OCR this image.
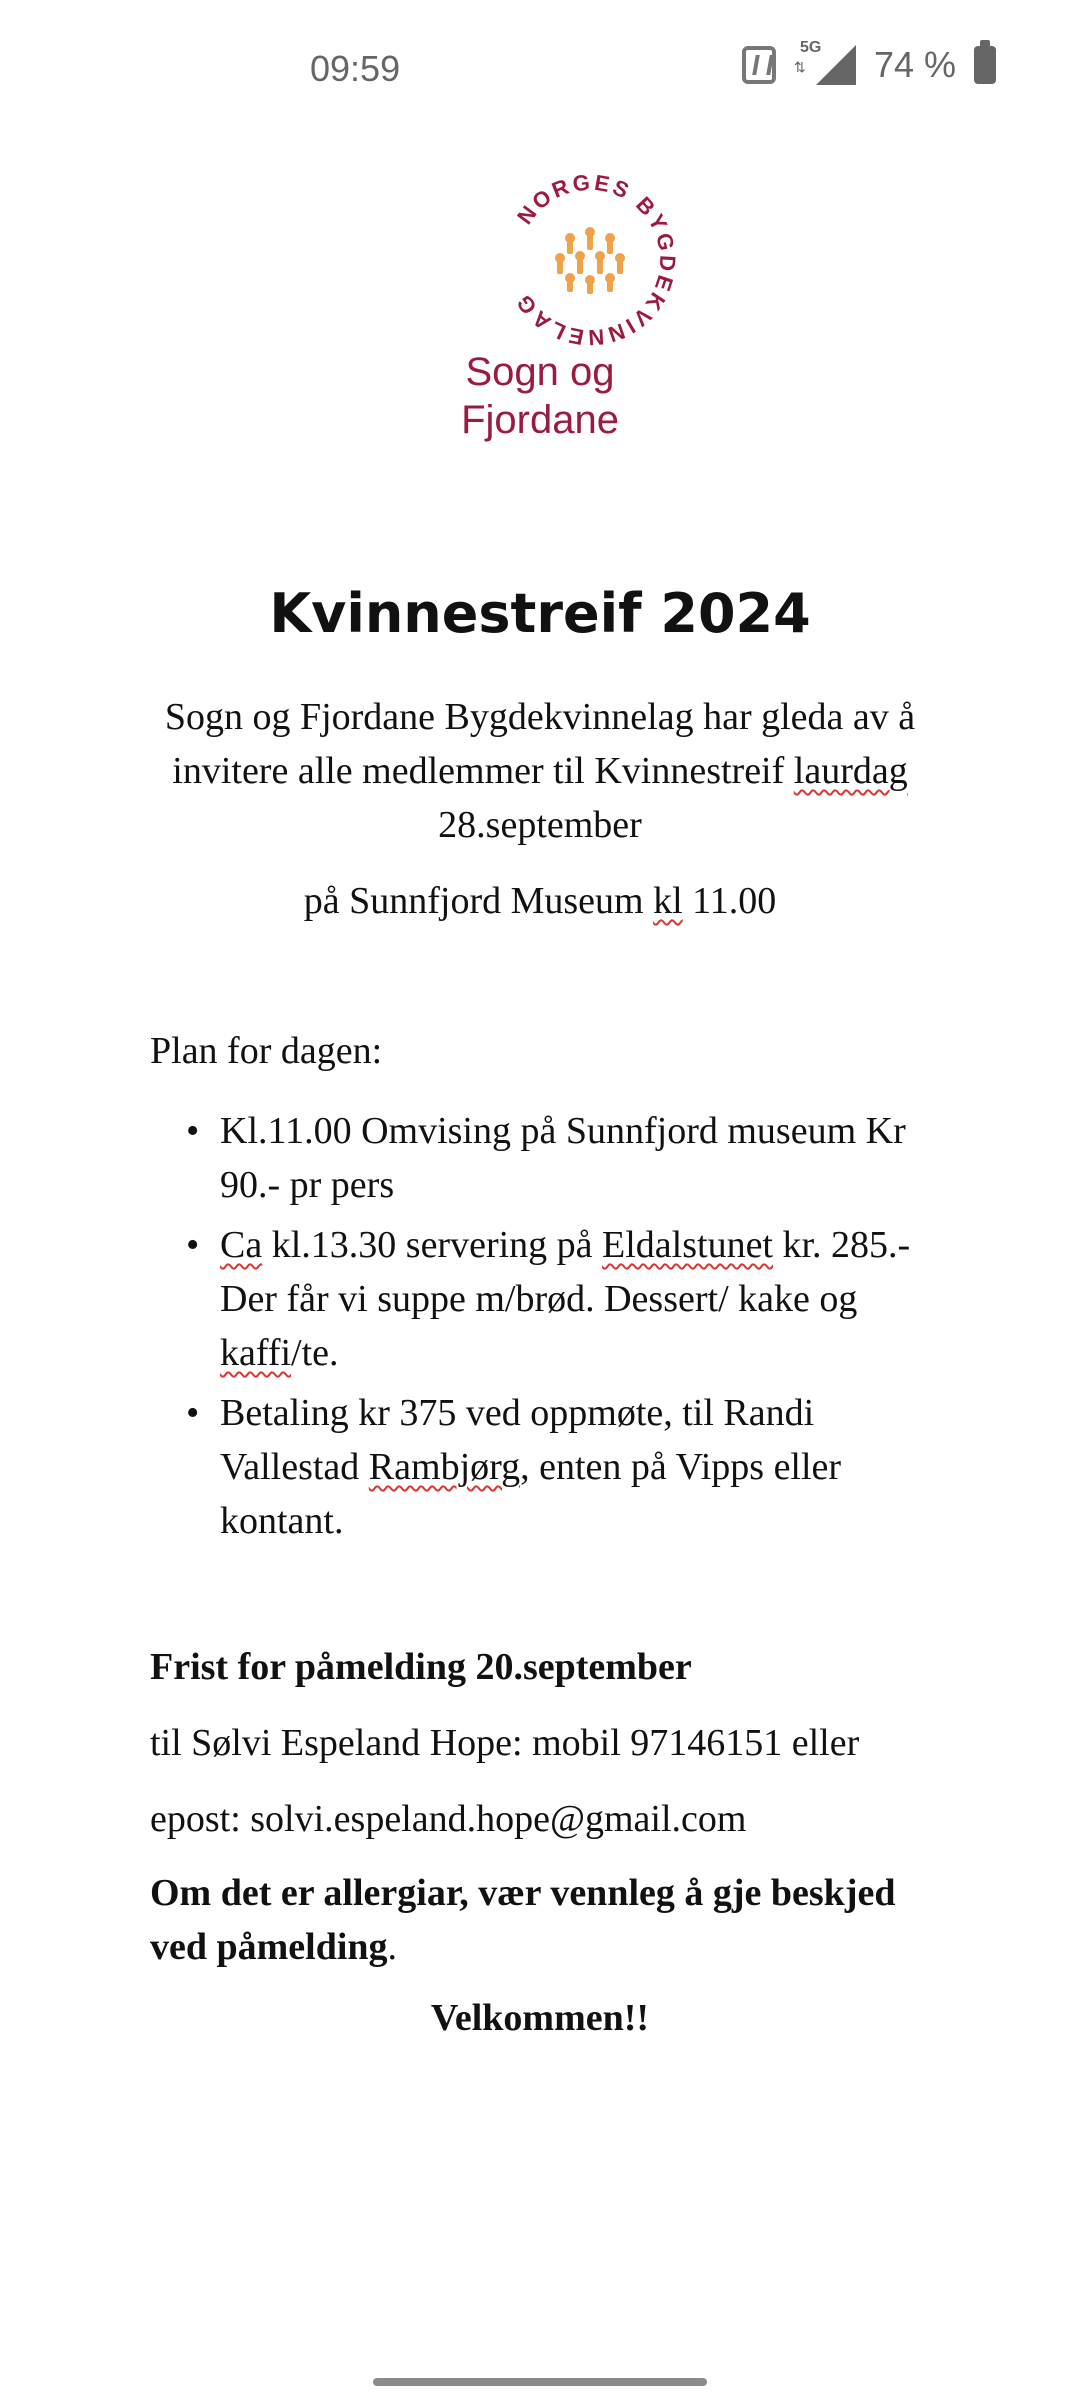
09:59
5G
⇅ 74 %
NORGES BYGDEKVINNELAG
Sogn og
Fjordane
Kvinnestreif 2024
Sogn og Fjordane Bygdekvinnelag har gleda av å invitere alle medlemmer til Kvinnestreif laurdag 28.september
på Sunnfjord Museum kl 11.00
Plan for dagen:
• Kl.11.00 Omvising på Sunnfjord museum Kr 90.- pr pers
• Ca kl.13.30 servering på Eldalstunet kr. 285.- Der får vi suppe m/brød. Dessert/ kake og kaffi/te.
• Betaling kr 375 ved oppmøte, til Randi Vallestad Rambjørg, enten på Vipps eller kontant.
Frist for påmelding 20.september
til Sølvi Espeland Hope: mobil 97146151 eller
epost: solvi.espeland.hope@gmail.com
Om det er allergiar, vær vennleg å gje beskjed ved påmelding.
Velkommen!!
